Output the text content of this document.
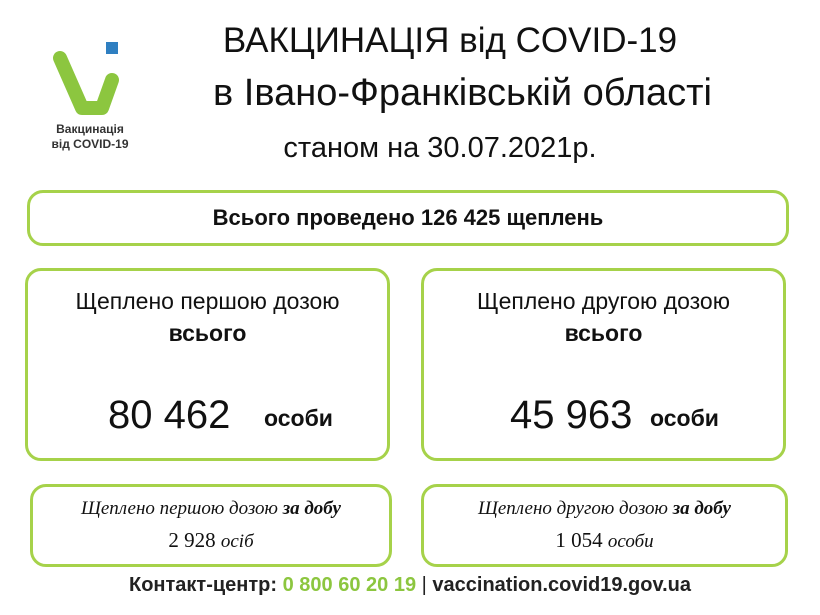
Вакцинація
від COVID-19
ВАКЦИНАЦІЯ від COVID-19
в Івано-Франківській області
станом на 30.07.2021р.
Всього проведено 126 425 щеплень
Щеплено першою дозою
всього
80 462 особи
Щеплено другою дозою
всього
45 963 особи
Щеплено першою дозою за добу
2 928 осіб
Щеплено другою дозою за добу
1 054 особи
Контакт-центр: 0 800 60 20 19 | vaccination.covid19.gov.ua
